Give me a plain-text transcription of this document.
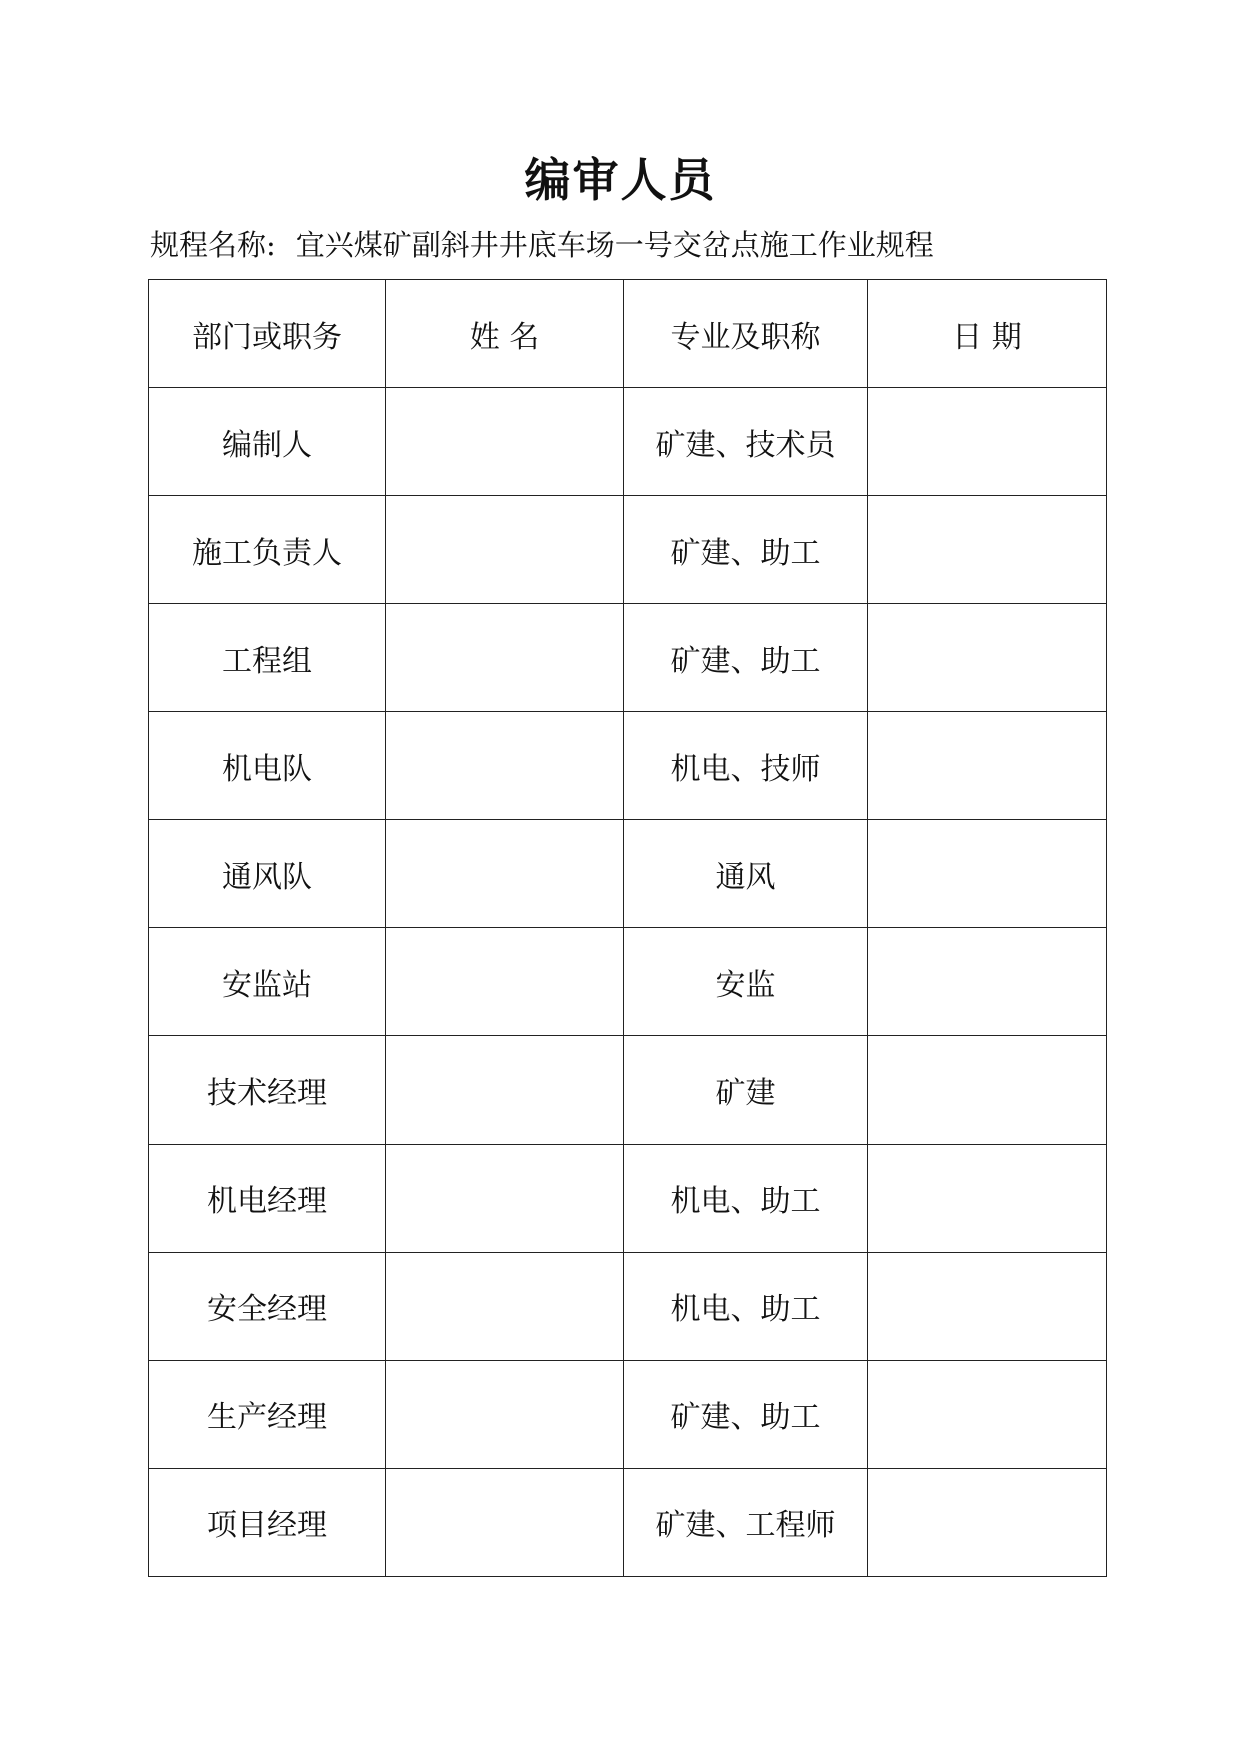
编审人员
规程名称: 宜兴煤矿副斜井井底车场一号交岔点施工作业规程
部门或职务	姓 名	专业及职称	日 期
编制人		矿建、技术员	
施工负责人		矿建、助工	
工程组		矿建、助工	
机电队		机电、技师	
通风队		通风	
安监站		安监	
技术经理		矿建	
机电经理		机电、助工	
安全经理		机电、助工	
生产经理		矿建、助工	
项目经理		矿建、工程师	
